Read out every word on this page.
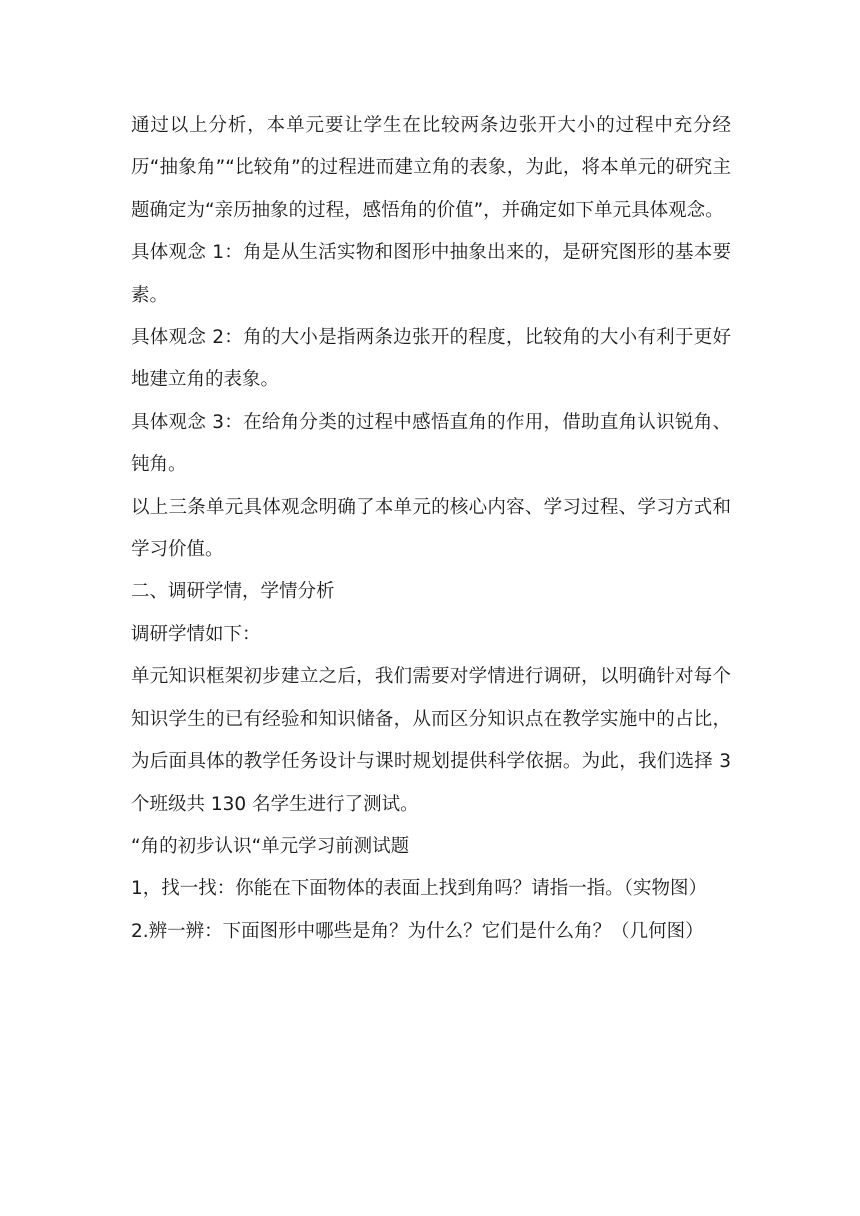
通过以上分析，本单元要让学生在比较两条边张开大小的过程中充分经历“抽象角”“比较角”的过程进而建立角的表象，为此，将本单元的研究主题确定为“亲历抽象的过程，感悟角的价值”，并确定如下单元具体观念。

具体观念 1：角是从生活实物和图形中抽象出来的，是研究图形的基本要素。

具体观念 2：角的大小是指两条边张开的程度，比较角的大小有利于更好地建立角的表象。

具体观念 3：在给角分类的过程中感悟直角的作用，借助直角认识锐角、钝角。

以上三条单元具体观念明确了本单元的核心内容、学习过程、学习方式和学习价值。

二、调研学情，学情分析

调研学情如下：

单元知识框架初步建立之后，我们需要对学情进行调研，以明确针对每个知识学生的已有经验和知识储备，从而区分知识点在教学实施中的占比，为后面具体的教学任务设计与课时规划提供科学依据。为此，我们选择 3 个班级共 130 名学生进行了测试。

“角的初步认识“单元学习前测试题

1，找一找：你能在下面物体的表面上找到角吗？请指一指。（实物图）

2.辨一辨：下面图形中哪些是角？为什么？它们是什么角？（几何图）
